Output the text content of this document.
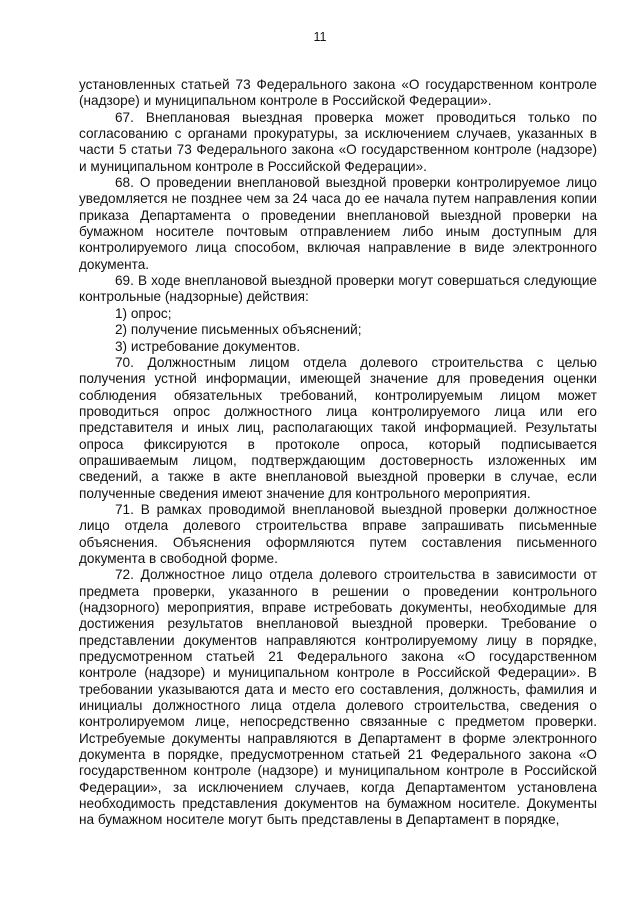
11

установленных статьей 73 Федерального закона «О государственном контроле (надзоре) и муниципальном контроле в Российской Федерации».

67. Внеплановая выездная проверка может проводиться только по согласованию с органами прокуратуры, за исключением случаев, указанных в части 5 статьи 73 Федерального закона «О государственном контроле (надзоре) и муниципальном контроле в Российской Федерации».

68. О проведении внеплановой выездной проверки контролируемое лицо уведомляется не позднее чем за 24 часа до ее начала путем направления копии приказа Департамента о проведении внеплановой выездной проверки на бумажном носителе почтовым отправлением либо иным доступным для контролируемого лица способом, включая направление в виде электронного документа.

69. В ходе внеплановой выездной проверки могут совершаться следующие контрольные (надзорные) действия:

1) опрос;

2) получение письменных объяснений;

3) истребование документов.

70. Должностным лицом отдела долевого строительства с целью получения устной информации, имеющей значение для проведения оценки соблюдения обязательных требований, контролируемым лицом может проводиться опрос должностного лица контролируемого лица или его представителя и иных лиц, располагающих такой информацией. Результаты опроса фиксируются в протоколе опроса, который подписывается опрашиваемым лицом, подтверждающим достоверность изложенных им сведений, а также в акте внеплановой выездной проверки в случае, если полученные сведения имеют значение для контрольного мероприятия.

71. В рамках проводимой внеплановой выездной проверки должностное лицо отдела долевого строительства вправе запрашивать письменные объяснения. Объяснения оформляются путем составления письменного документа в свободной форме.

72. Должностное лицо отдела долевого строительства в зависимости от предмета проверки, указанного в решении о проведении контрольного (надзорного) мероприятия, вправе истребовать документы, необходимые для достижения результатов внеплановой выездной проверки. Требование о представлении документов направляются контролируемому лицу в порядке, предусмотренном статьей 21 Федерального закона «О государственном контроле (надзоре) и муниципальном контроле в Российской Федерации». В требовании указываются дата и место его составления, должность, фамилия и инициалы должностного лица отдела долевого строительства, сведения о контролируемом лице, непосредственно связанные с предметом проверки. Истребуемые документы направляются в Департамент в форме электронного документа в порядке, предусмотренном статьей 21 Федерального закона «О государственном контроле (надзоре) и муниципальном контроле в Российской Федерации», за исключением случаев, когда Департаментом установлена необходимость представления документов на бумажном носителе. Документы на бумажном носителе могут быть представлены в Департамент в порядке,
